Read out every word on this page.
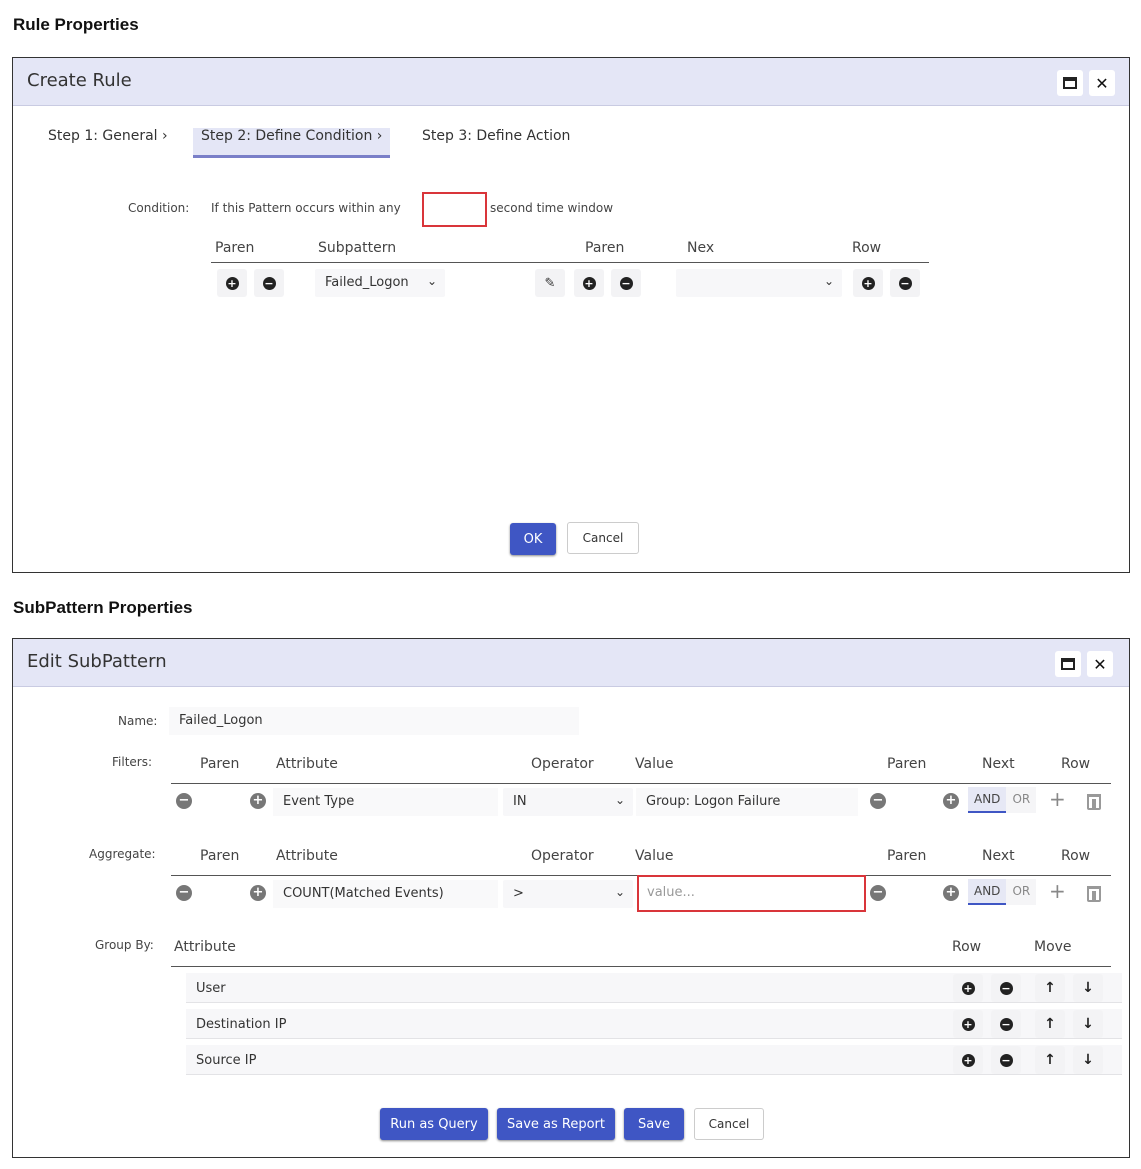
Rule Properties
Create Rule	✕
Step 1: General ›	Step 2: Define Condition ›	Step 3: Define Action
Condition: If this Pattern occurs within any	second time window
Paren	Subpattern	Paren	Nex	Row
+	−	Failed_Logon ⌄	✎	+	−	⌄	+	−
OK	Cancel
SubPattern Properties
Edit SubPattern	✕
Name:	Failed_Logon
Filters:	Paren	Attribute	Operator	Value	Paren	Next	Row
−	+	Event Type	IN	⌄	Group: Logon Failure	−	+	AND	OR +
Aggregate:	Paren	Attribute	Operator	Value	Paren	Next	Row
−	+	COUNT(Matched Events)	>	⌄	value...	−	+	AND	OR +
Group By: Attribute	Row	Move
User	+	−	↑	↓
Destination IP	+	−	↑	↓
Source IP	+	−	↑	↓
Run as Query	Save as Report	Save	Cancel
